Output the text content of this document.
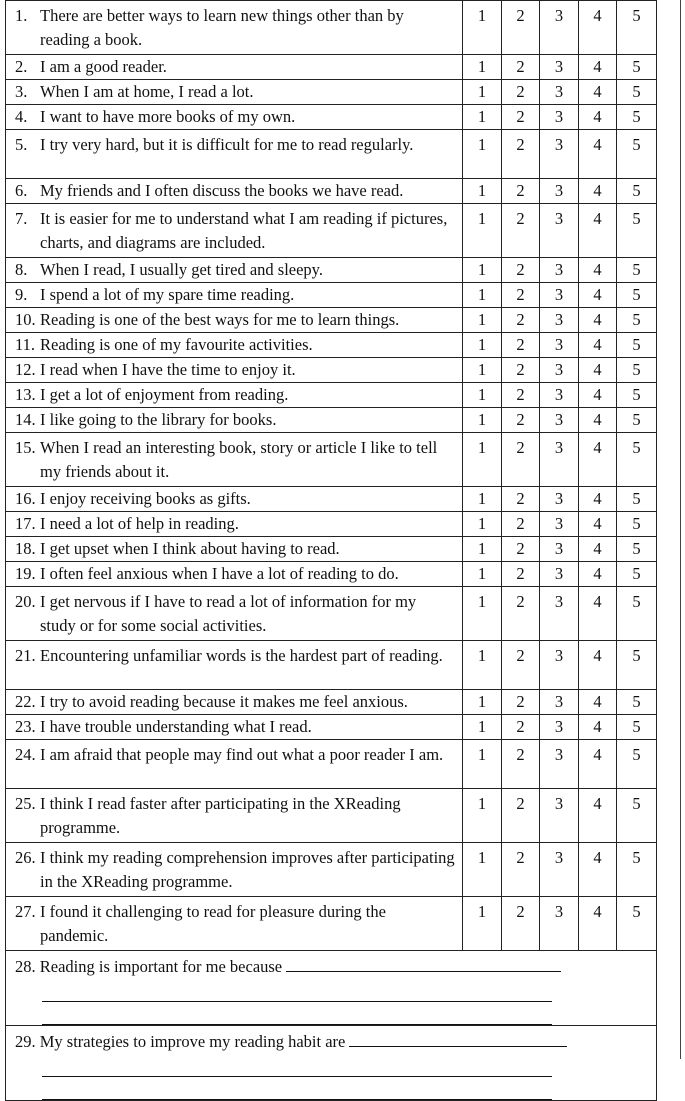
1. There are better ways to learn new things other than by reading a book.	1	2	3	4	5

2. I am a good reader.	1	2	3	4	5

3. When I am at home, I read a lot.	1	2	3	4	5

4. I want to have more books of my own.	1	2	3	4	5

5. I try very hard, but it is difficult for me to read regularly.	1	2	3	4	5

6. My friends and I often discuss the books we have read.	1	2	3	4	5

7. It is easier for me to understand what I am reading if pictures, charts, and diagrams are included.	1	2	3	4	5

8. When I read, I usually get tired and sleepy.	1	2	3	4	5

9. I spend a lot of my spare time reading.	1	2	3	4	5

10. Reading is one of the best ways for me to learn things.	1	2	3	4	5

11. Reading is one of my favourite activities.	1	2	3	4	5

12. I read when I have the time to enjoy it.	1	2	3	4	5

13. I get a lot of enjoyment from reading.	1	2	3	4	5

14. I like going to the library for books.	1	2	3	4	5

15. When I read an interesting book, story or article I like to tell my friends about it.	1	2	3	4	5

16. I enjoy receiving books as gifts.	1	2	3	4	5

17. I need a lot of help in reading.	1	2	3	4	5

18. I get upset when I think about having to read.	1	2	3	4	5

19. I often feel anxious when I have a lot of reading to do.	1	2	3	4	5

20. I get nervous if I have to read a lot of information for my study or for some social activities.	1	2	3	4	5

21. Encountering unfamiliar words is the hardest part of reading.	1	2	3	4	5

22. I try to avoid reading because it makes me feel anxious.	1	2	3	4	5

23. I have trouble understanding what I read.	1	2	3	4	5

24. I am afraid that people may find out what a poor reader I am.	1	2	3	4	5

25. I think I read faster after participating in the XReading programme.	1	2	3	4	5

26. I think my reading comprehension improves after participating in the XReading programme.	1	2	3	4	5

27. I found it challenging to read for pleasure during the pandemic.	1	2	3	4	5

28. Reading is important for me because					

29. My strategies to improve my reading habit are					
